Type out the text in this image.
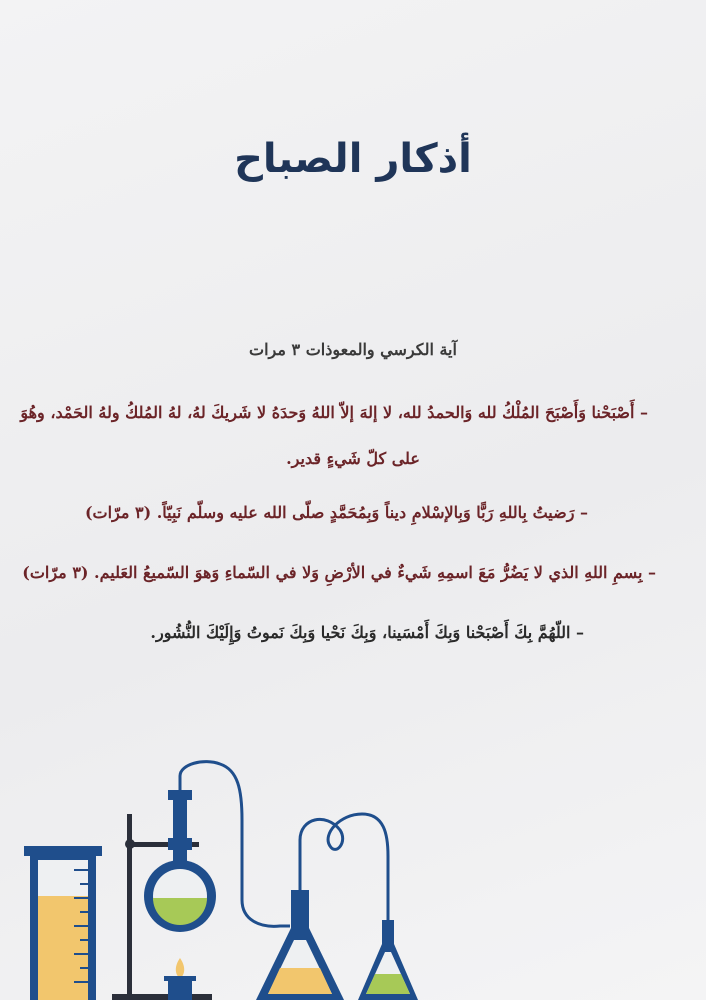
أذكار الصباح

آية الكرسي والمعوذات ٣ مرات

– أَصْبَحْنا وَأَصْبَحَ المُلْكُ لله وَالحمدُ لله، لا إلهَ إلاّ اللهُ وَحدَهُ لا شَريكَ لهُ، لهُ المُلكُ ولهُ الحَمْد، وهُوَ

على كلّ شَيءٍ قدير.

– رَضيتُ بِاللهِ رَبًّا وَبِالإسْلامِ ديناً وَبِمُحَمَّدٍ صلّى الله عليه وسلّم نَبِيّاً. (٣ مرّات)

– بِسمِ اللهِ الذي لا يَضُرُّ مَعَ اسمِهِ شَيءٌ في الأرْضِ وَلا في السّماءِ وَهوَ السّميعُ العَليم. (٣ مرّات)

– اللّهُمَّ بِكَ أَصْبَحْنا وَبِكَ أَمْسَينا، وَبِكَ نَحْيا وَبِكَ نَموتُ وَإِلَيْكَ النُّشُور.
